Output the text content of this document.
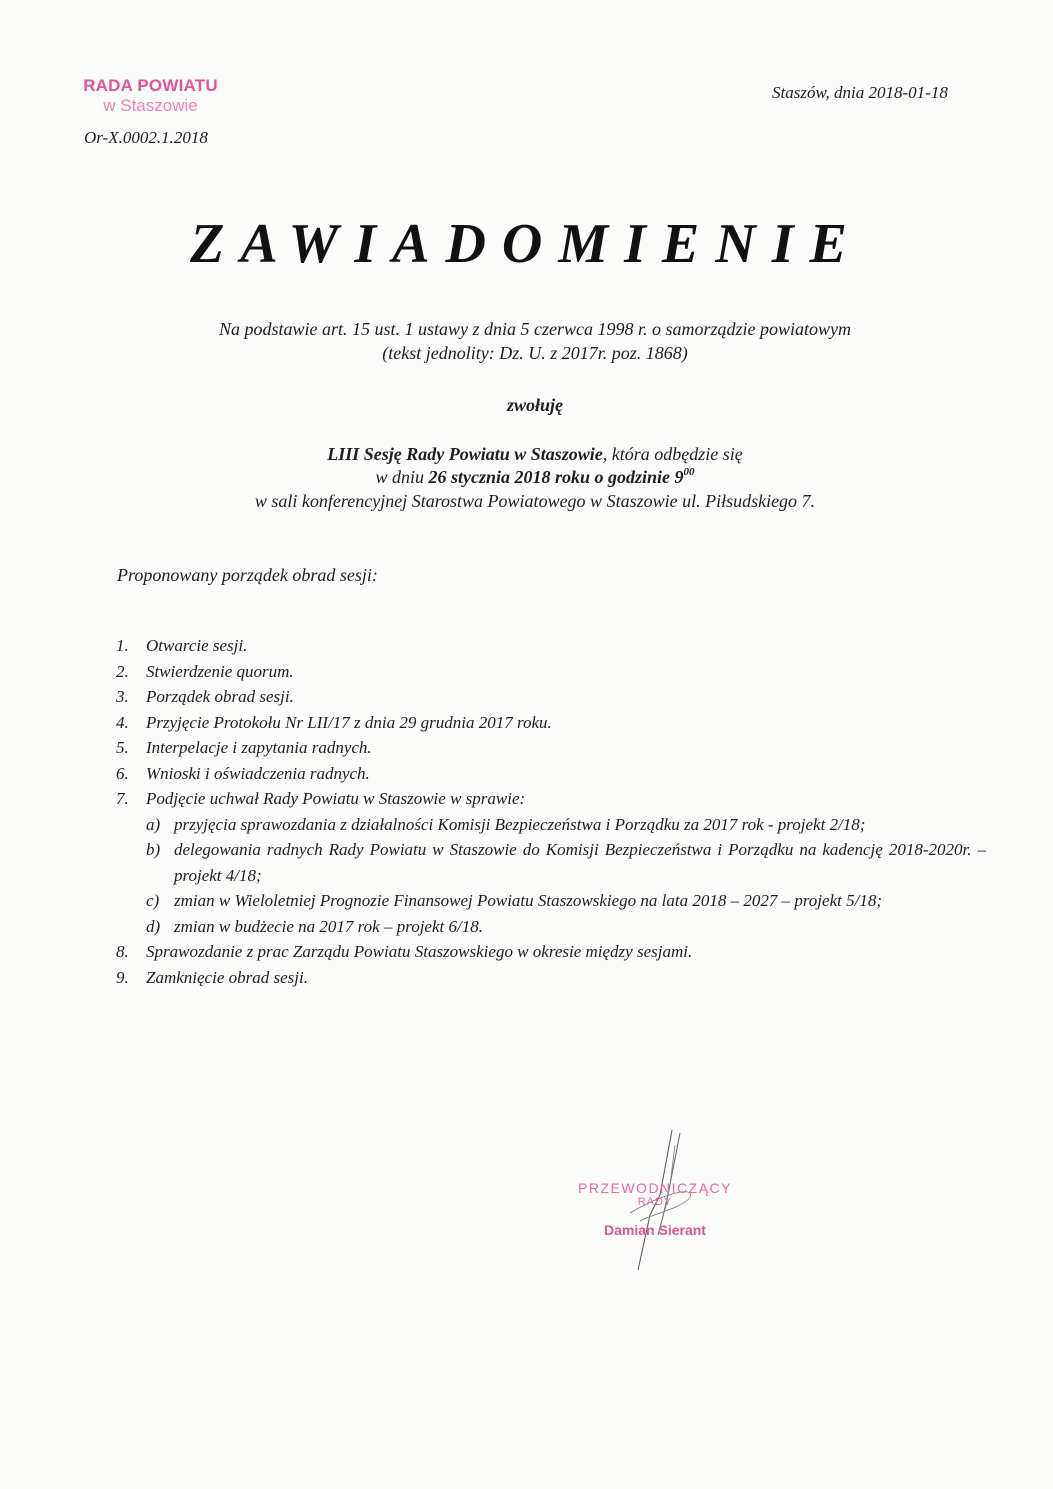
RADA POWIATU
w Staszowie
Or-X.0002.1.2018
Staszów, dnia 2018-01-18
ZAWIADOMIENIE
Na podstawie art. 15 ust. 1 ustawy z dnia 5 czerwca 1998 r. o samorządzie powiatowym
(tekst jednolity: Dz. U. z 2017r. poz. 1868)
zwołuję
LIII Sesję Rady Powiatu w Staszowie, która odbędzie się
w dniu 26 stycznia 2018 roku o godzinie $9^{00}$
w sali konferencyjnej Starostwa Powiatowego w Staszowie ul. Piłsudskiego 7.
Proponowany porządek obrad sesji:
1.	Otwarcie sesji.
2.	Stwierdzenie quorum.
3.	Porządek obrad sesji.
4.	Przyjęcie Protokołu Nr LII/17 z dnia 29 grudnia 2017 roku.
5.	Interpelacje i zapytania radnych.
6.	Wnioski i oświadczenia radnych.
7.	Podjęcie uchwał Rady Powiatu w Staszowie w sprawie:
a) przyjęcia sprawozdania z działalności Komisji Bezpieczeństwa i Porządku za 2017 rok - projekt 2/18;
b) delegowania radnych Rady Powiatu w Staszowie do Komisji Bezpieczeństwa i Porządku na kadencję 2018-2020r. – projekt 4/18;
c) zmian w Wieloletniej Prognozie Finansowej Powiatu Staszowskiego na lata 2018 – 2027 – projekt 5/18;
d) zmian w budżecie na 2017 rok – projekt 6/18.
8.	Sprawozdanie z prac Zarządu Powiatu Staszowskiego w okresie między sesjami.
9.	Zamknięcie obrad sesji.
PRZEWODNICZĄCY
RADY
Damian Sierant
